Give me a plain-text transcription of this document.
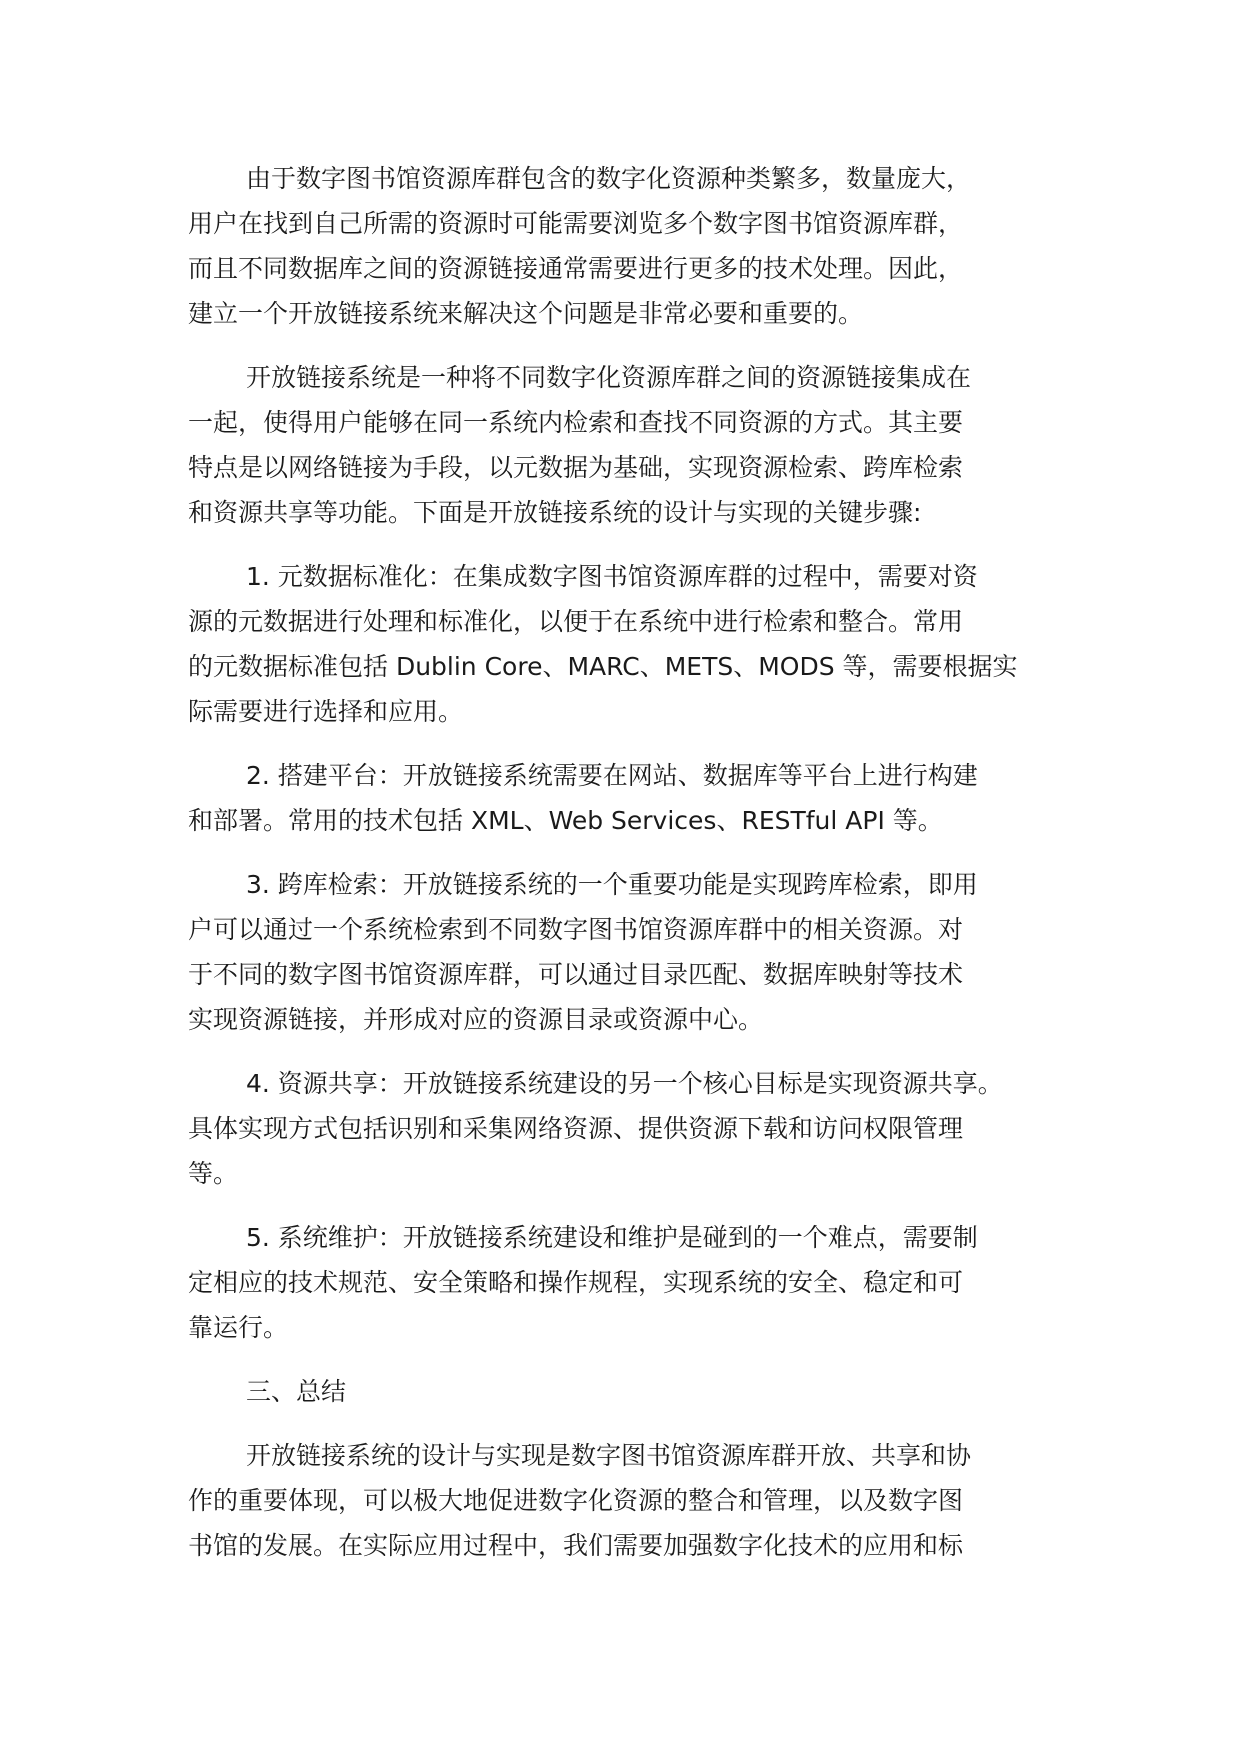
由于数字图书馆资源库群包含的数字化资源种类繁多，数量庞大，
用户在找到自己所需的资源时可能需要浏览多个数字图书馆资源库群，
而且不同数据库之间的资源链接通常需要进行更多的技术处理。因此，
建立一个开放链接系统来解决这个问题是非常必要和重要的。

开放链接系统是一种将不同数字化资源库群之间的资源链接集成在
一起，使得用户能够在同一系统内检索和查找不同资源的方式。其主要
特点是以网络链接为手段，以元数据为基础，实现资源检索、跨库检索
和资源共享等功能。下面是开放链接系统的设计与实现的关键步骤:

1. 元数据标准化：在集成数字图书馆资源库群的过程中，需要对资
源的元数据进行处理和标准化，以便于在系统中进行检索和整合。常用
的元数据标准包括 Dublin Core、MARC、METS、MODS 等，需要根据实
际需要进行选择和应用。

2. 搭建平台：开放链接系统需要在网站、数据库等平台上进行构建
和部署。常用的技术包括 XML、Web Services、RESTful API 等。

3. 跨库检索：开放链接系统的一个重要功能是实现跨库检索，即用
户可以通过一个系统检索到不同数字图书馆资源库群中的相关资源。对
于不同的数字图书馆资源库群，可以通过目录匹配、数据库映射等技术
实现资源链接，并形成对应的资源目录或资源中心。

4. 资源共享：开放链接系统建设的另一个核心目标是实现资源共享。
具体实现方式包括识别和采集网络资源、提供资源下载和访问权限管理
等。

5. 系统维护：开放链接系统建设和维护是碰到的一个难点，需要制
定相应的技术规范、安全策略和操作规程，实现系统的安全、稳定和可
靠运行。

三、总结

开放链接系统的设计与实现是数字图书馆资源库群开放、共享和协
作的重要体现，可以极大地促进数字化资源的整合和管理，以及数字图
书馆的发展。在实际应用过程中，我们需要加强数字化技术的应用和标
